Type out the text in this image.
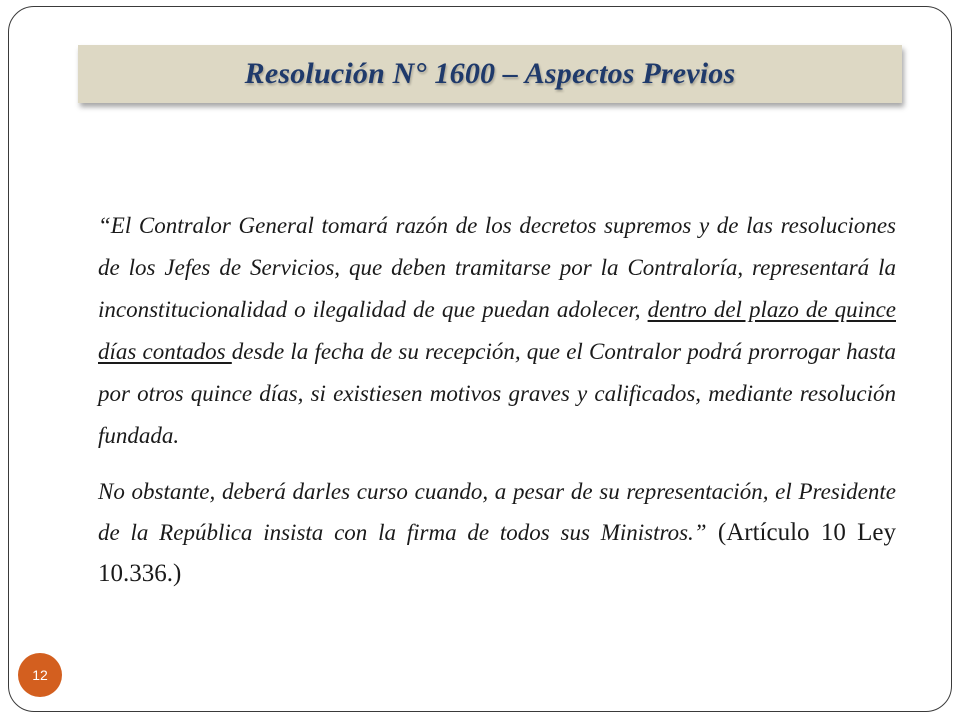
Resolución N° 1600 – Aspectos Previos

“El Contralor General tomará razón de los decretos supremos y de las resoluciones de los Jefes de Servicios, que deben tramitarse por la Contraloría, representará la inconstitucionalidad o ilegalidad de que puedan adolecer, dentro del plazo de quince días contados desde la fecha de su recepción, que el Contralor podrá prorrogar hasta por otros quince días, si existiesen motivos graves y calificados, mediante resolución fundada.

No obstante, deberá darles curso cuando, a pesar de su representación, el Presidente de la República insista con la firma de todos sus Ministros.” (Artículo 10 Ley 10.336.)

12
